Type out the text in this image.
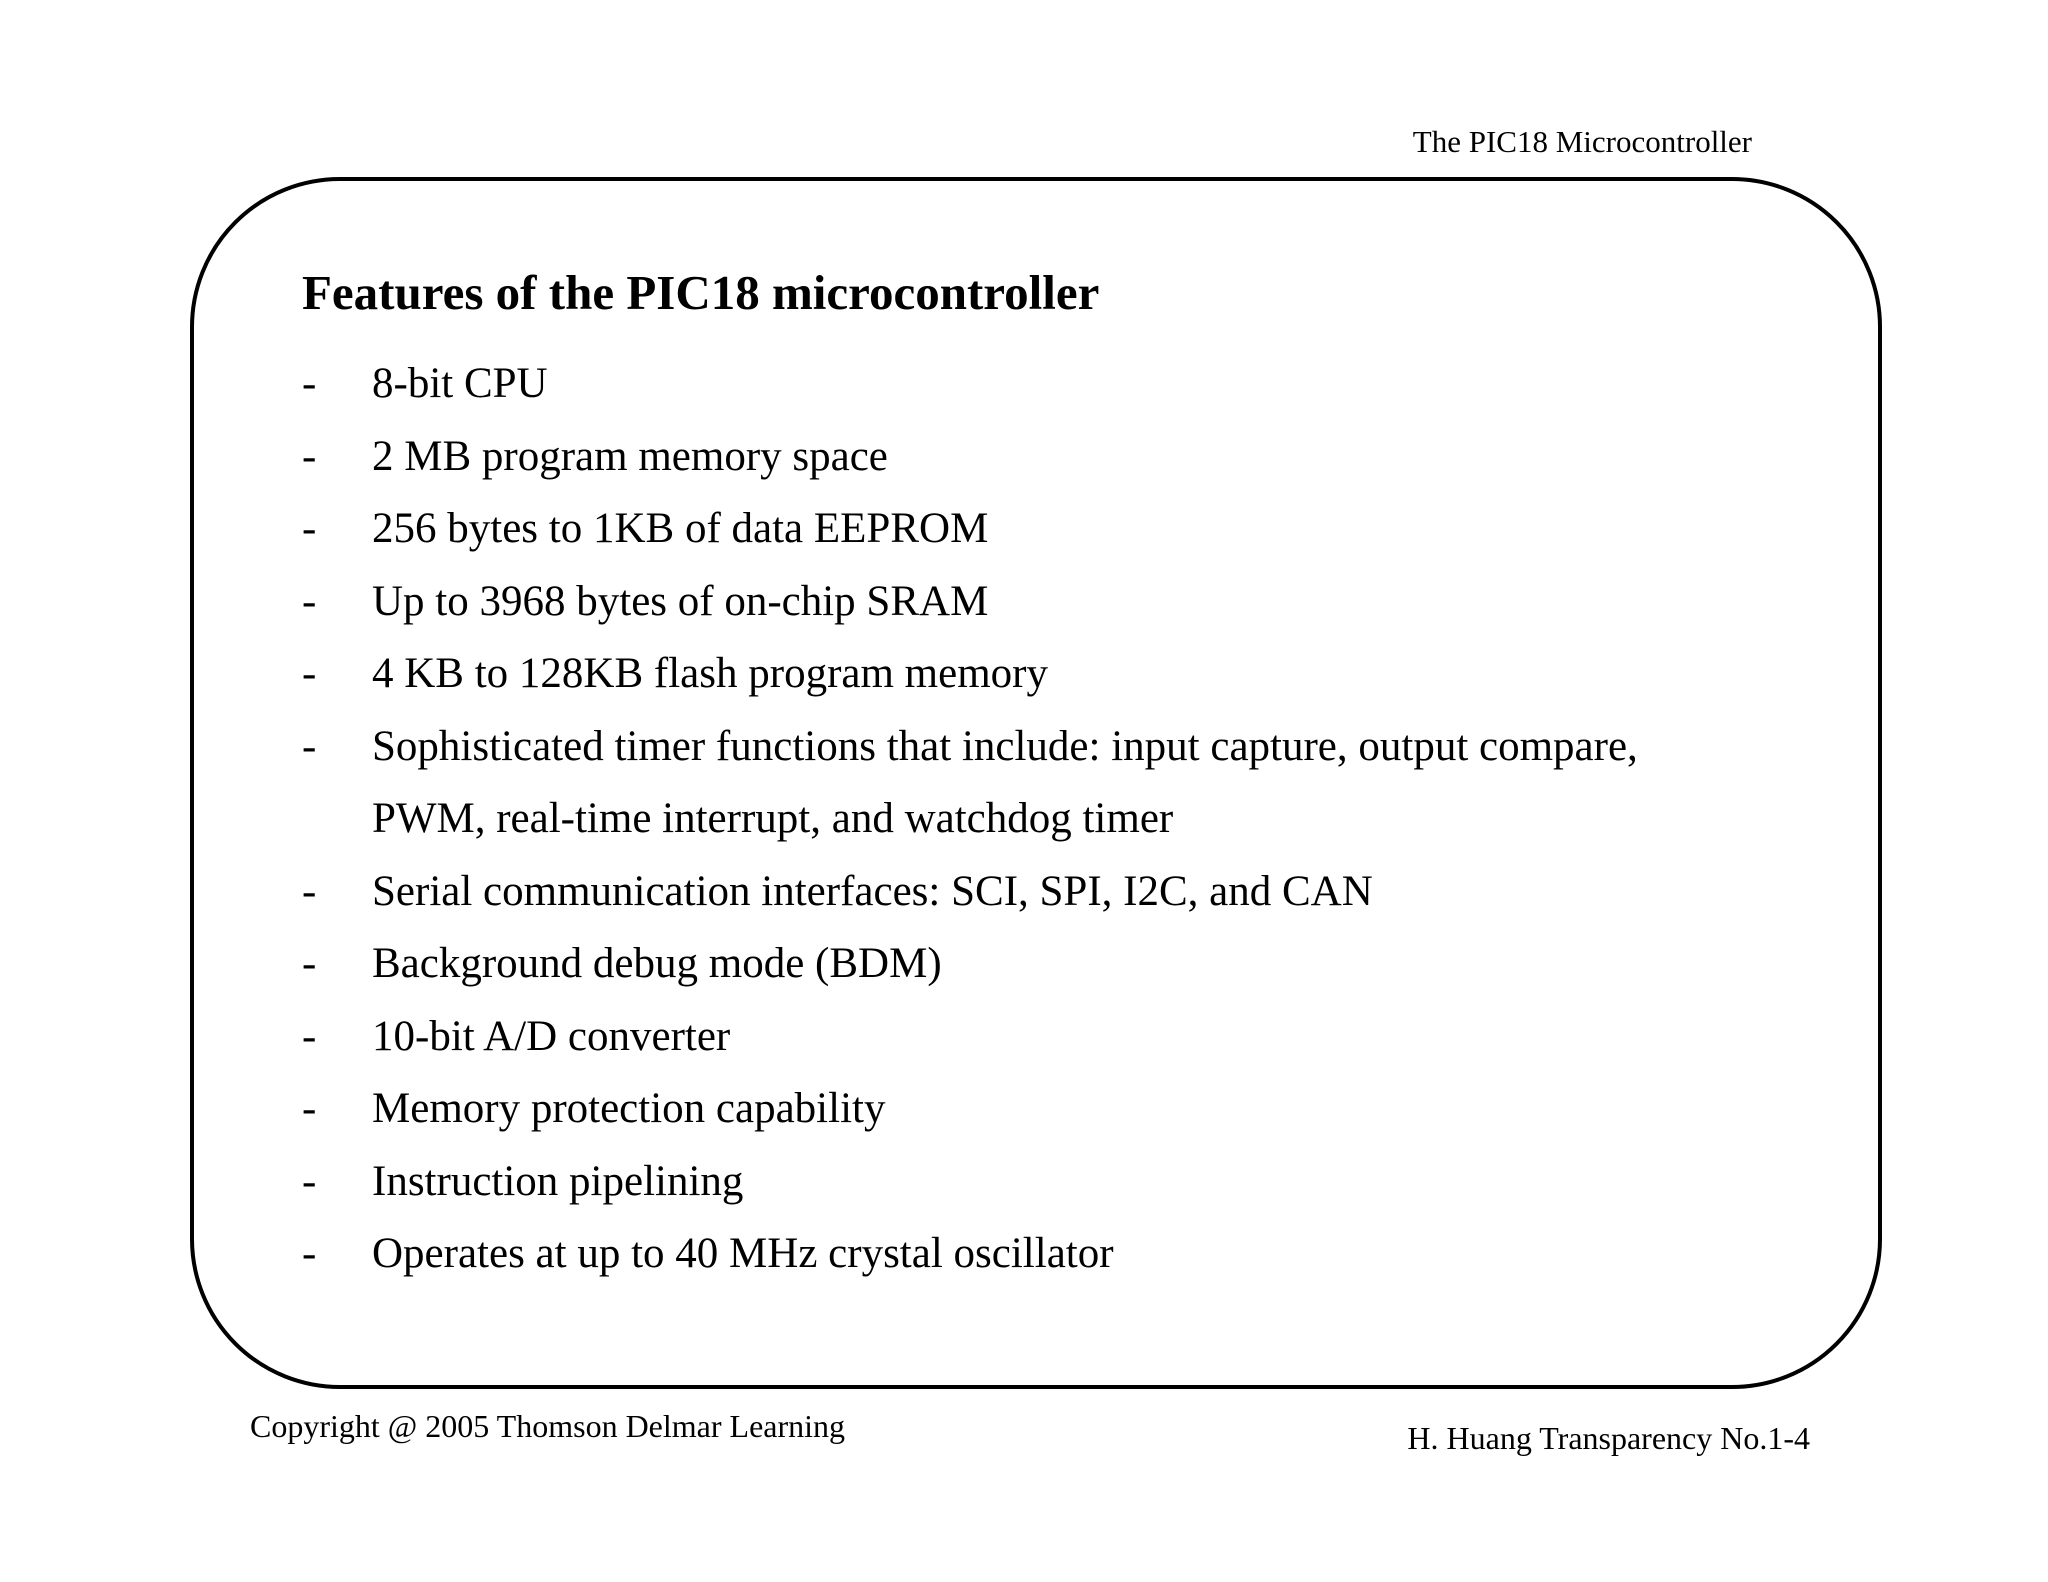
The PIC18 Microcontroller
Features of the PIC18 microcontroller
- 8-bit CPU
- 2 MB program memory space
- 256 bytes to 1KB of data EEPROM
- Up to 3968 bytes of on-chip SRAM
- 4 KB to 128KB flash program memory
- Sophisticated timer functions that include: input capture, output compare,
PWM, real-time interrupt, and watchdog timer
- Serial communication interfaces: SCI, SPI, I2C, and CAN
- Background debug mode (BDM)
- 10-bit A/D converter
- Memory protection capability
- Instruction pipelining
- Operates at up to 40 MHz crystal oscillator
Copyright @ 2005 Thomson Delmar Learning	H. Huang Transparency No.1-4
